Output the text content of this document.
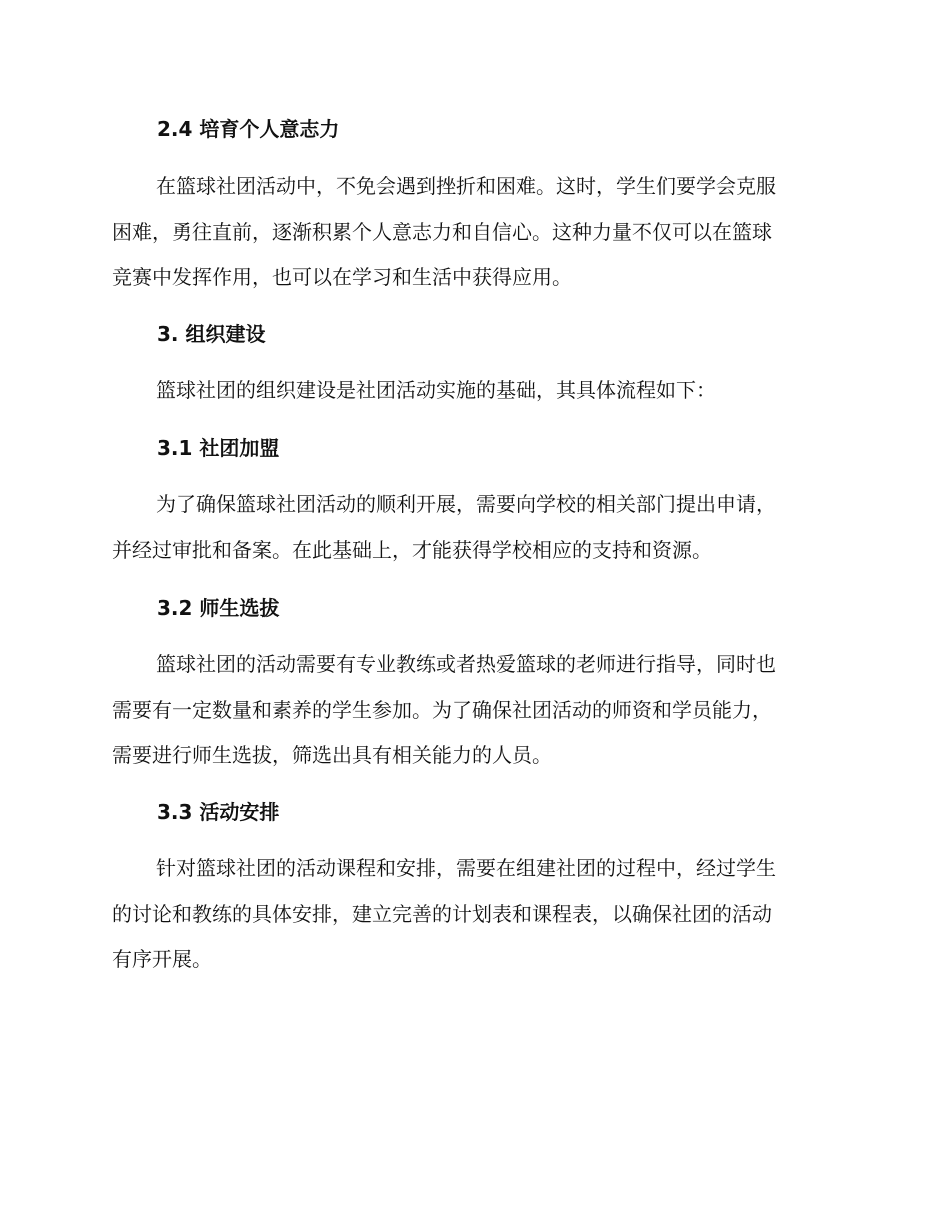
2.4 培育个人意志力

在篮球社团活动中，不免会遇到挫折和困难。这时，学生们要学会克服
困难，勇往直前，逐渐积累个人意志力和自信心。这种力量不仅可以在篮球
竞赛中发挥作用，也可以在学习和生活中获得应用。

3. 组织建设

篮球社团的组织建设是社团活动实施的基础，其具体流程如下：

3.1 社团加盟

为了确保篮球社团活动的顺利开展，需要向学校的相关部门提出申请，
并经过审批和备案。在此基础上，才能获得学校相应的支持和资源。

3.2 师生选拔

篮球社团的活动需要有专业教练或者热爱篮球的老师进行指导，同时也
需要有一定数量和素养的学生参加。为了确保社团活动的师资和学员能力，
需要进行师生选拔，筛选出具有相关能力的人员。

3.3 活动安排

针对篮球社团的活动课程和安排，需要在组建社团的过程中，经过学生
的讨论和教练的具体安排，建立完善的计划表和课程表，以确保社团的活动
有序开展。
